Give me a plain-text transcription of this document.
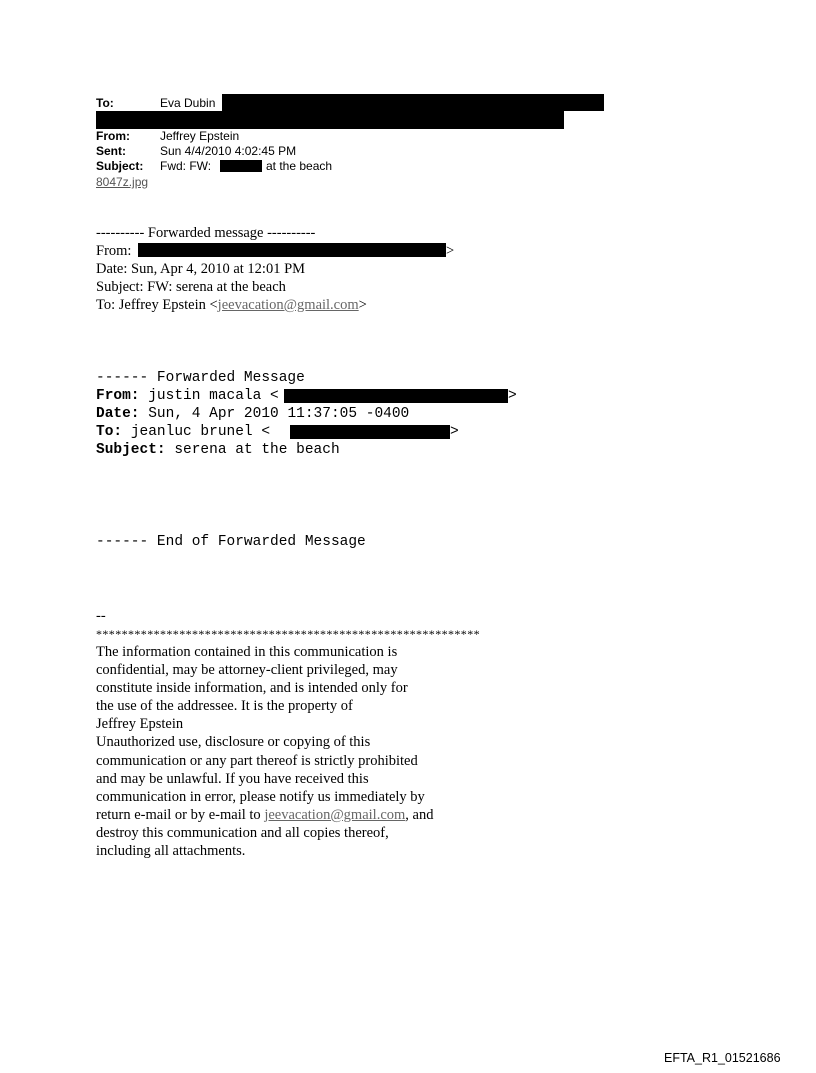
To:	Eva Dubin
From:	Jeffrey Epstein
Sent:	Sun 4/4/2010 4:02:45 PM
Subject: Fwd: FW:	at the beach
8047z.jpg
---------- Forwarded message ----------
From:	>
Date: Sun, Apr 4, 2010 at 12:01 PM
Subject: FW: serena at the beach
To: Jeffrey Epstein <jeevacation@gmail.com>
------ Forwarded Message
From: justin macala <	>
Date: Sun, 4 Apr 2010 11:37:05 -0400
To: jeanluc brunel <	>
Subject: serena at the beach
------ End of Forwarded Message
--
************************************************************
The information contained in this communication is
confidential, may be attorney-client privileged, may
constitute inside information, and is intended only for
the use of the addressee. It is the property of
Jeffrey Epstein
Unauthorized use, disclosure or copying of this
communication or any part thereof is strictly prohibited
and may be unlawful. If you have received this
communication in error, please notify us immediately by
return e-mail or by e-mail to jeevacation@gmail.com, and
destroy this communication and all copies thereof,
including all attachments.
EFTA_R1_01521686
